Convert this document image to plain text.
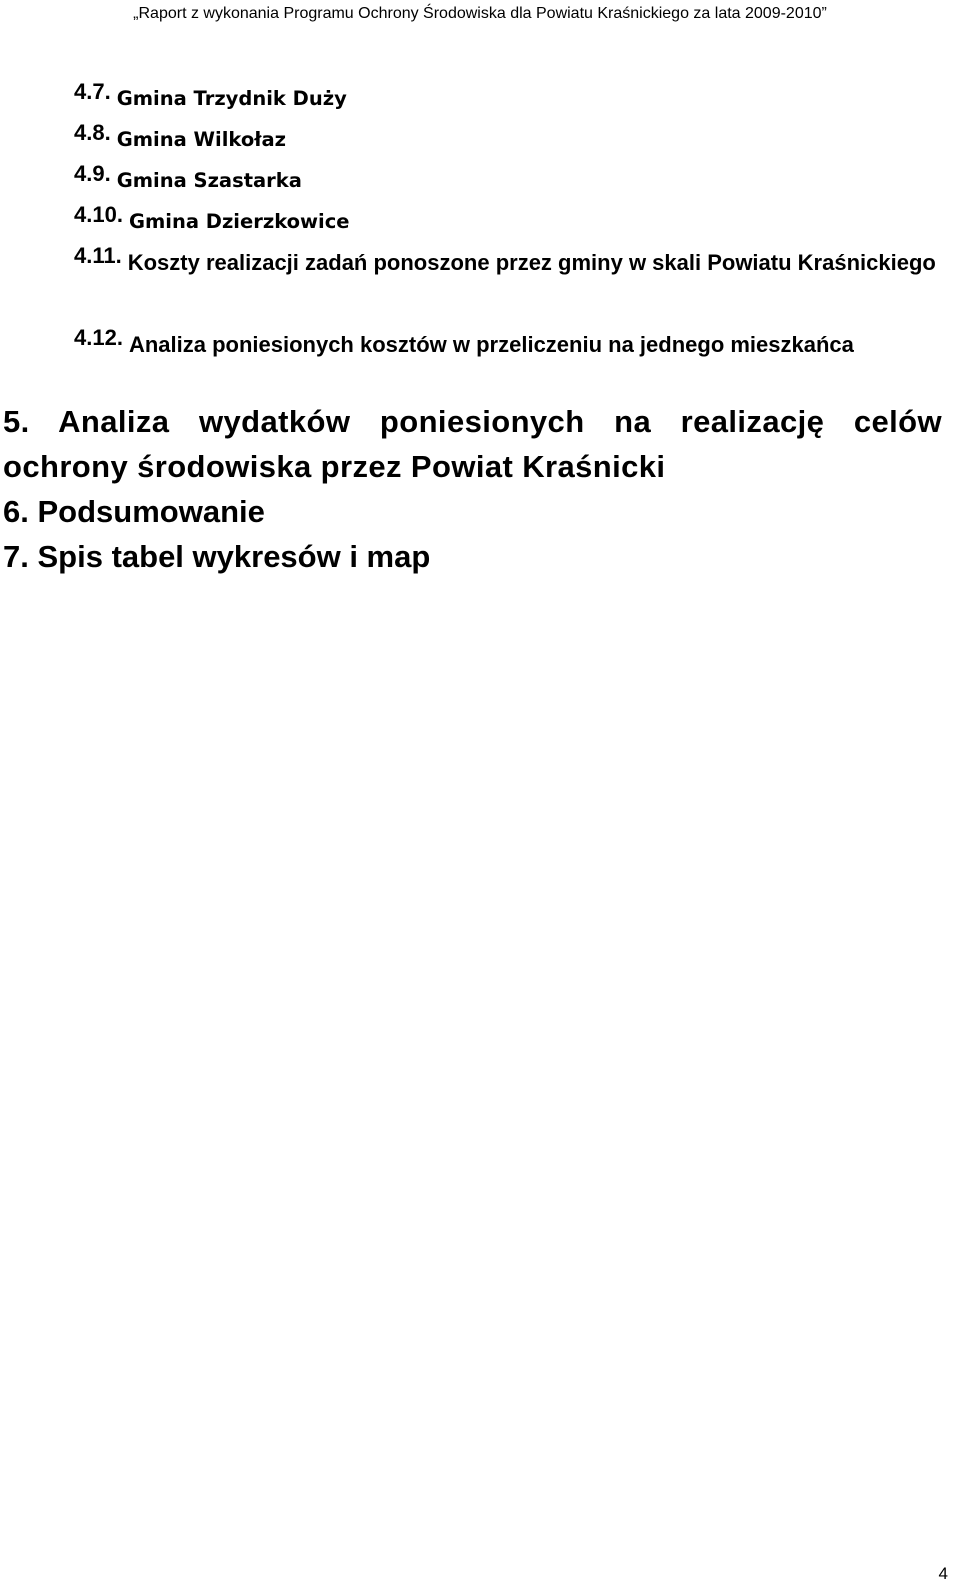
„Raport z wykonania Programu Ochrony Środowiska dla Powiatu Kraśnickiego za lata 2009-2010”
4.7. Gmina Trzydnik Duży
4.8. Gmina Wilkołaz
4.9. Gmina Szastarka
4.10. Gmina Dzierzkowice
4.11. Koszty realizacji zadań ponoszone przez gminy w skali Powiatu Kraśnickiego
4.12. Analiza poniesionych kosztów w przeliczeniu na jednego mieszkańca
5. Analiza wydatków poniesionych na realizację celów ochrony środowiska przez Powiat Kraśnicki
6. Podsumowanie
7. Spis tabel wykresów i map
4
